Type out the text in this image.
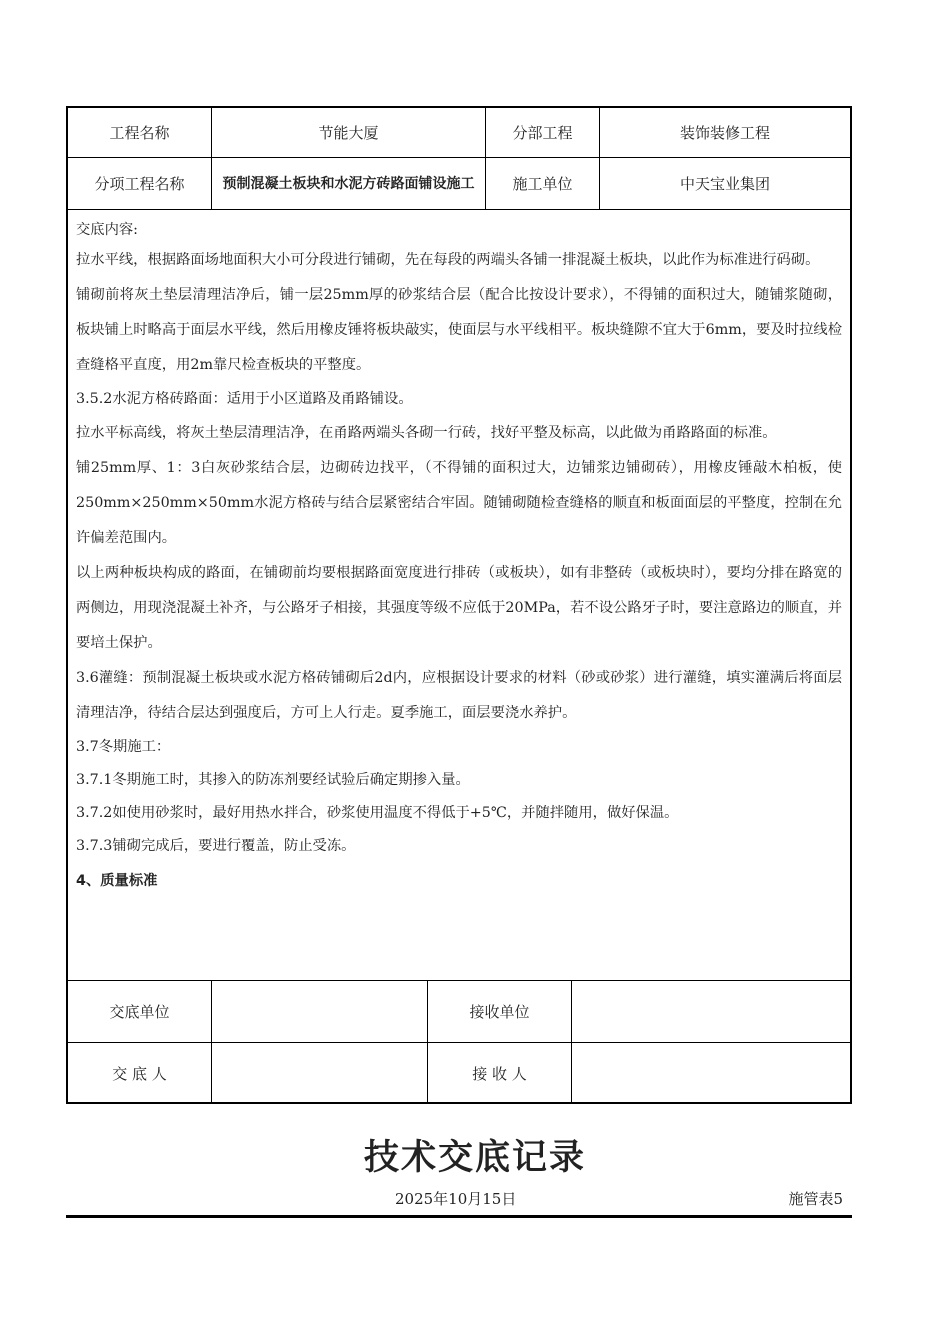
工程名称	节能大厦	分部工程	装饰装修工程
分项工程名称	预制混凝土板块和水泥方砖路面铺设施工	施工单位	中天宝业集团

交底内容:

拉水平线，根据路面场地面积大小可分段进行铺砌，先在每段的两端头各铺一排混凝土板块，以此作为标准进行码砌。

铺砌前将灰土垫层清理洁净后，铺一层25mm厚的砂浆结合层（配合比按设计要求），不得铺的面积过大，随铺浆随砌，板块铺上时略高于面层水平线，然后用橡皮锤将板块敲实，使面层与水平线相平。板块缝隙不宜大于6mm，要及时拉线检查缝格平直度，用2m靠尺检查板块的平整度。

3.5.2水泥方格砖路面：适用于小区道路及甬路铺设。

拉水平标高线，将灰土垫层清理洁净，在甬路两端头各砌一行砖，找好平整及标高，以此做为甬路路面的标准。

铺25mm厚、1：3白灰砂浆结合层，边砌砖边找平，（不得铺的面积过大，边铺浆边铺砌砖），用橡皮锤敲木柏板，使250mm×250mm×50mm水泥方格砖与结合层紧密结合牢固。随铺砌随检查缝格的顺直和板面面层的平整度，控制在允许偏差范围内。

以上两种板块构成的路面，在铺砌前均要根据路面宽度进行排砖（或板块），如有非整砖（或板块时），要均分排在路宽的两侧边，用现浇混凝土补齐，与公路牙子相接，其强度等级不应低于20MPa，若不设公路牙子时，要注意路边的顺直，并要培土保护。

3.6灌缝：预制混凝土板块或水泥方格砖铺砌后2d内，应根据设计要求的材料（砂或砂浆）进行灌缝，填实灌满后将面层清理洁净，待结合层达到强度后，方可上人行走。夏季施工，面层要浇水养护。

3.7冬期施工：

3.7.1冬期施工时，其掺入的防冻剂要经试验后确定期掺入量。

3.7.2如使用砂浆时，最好用热水拌合，砂浆使用温度不得低于+5℃，并随拌随用，做好保温。

3.7.3铺砌完成后，要进行覆盖，防止受冻。

4、质量标准

交底单位	接收单位
交 底 人	接 收 人
技术交底记录
2025年10月15日	施管表5
